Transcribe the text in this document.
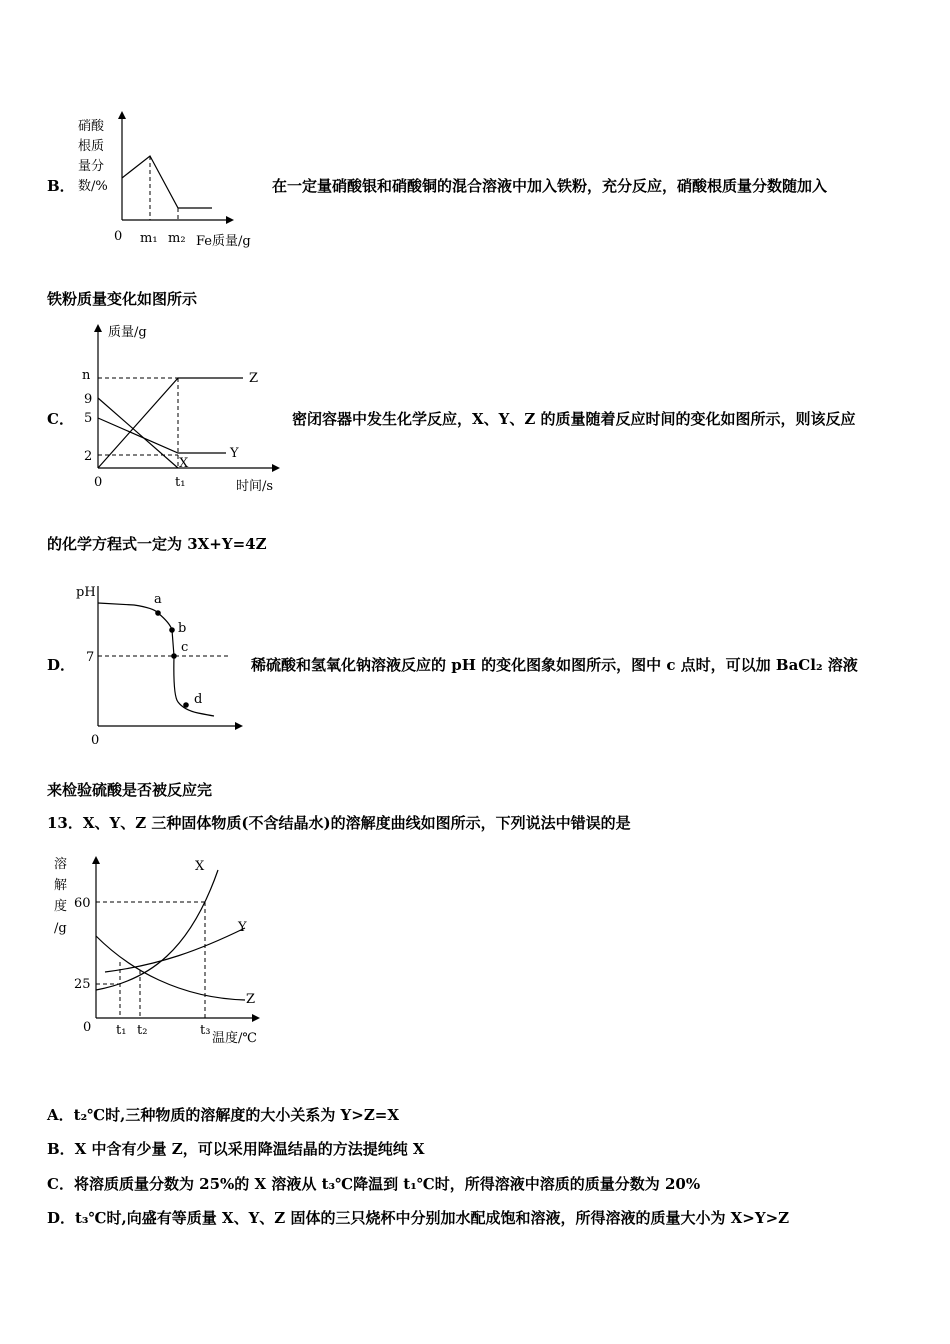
B．
硝酸
根质
量分
数/%
0 m₁ m₂ Fe质量/g
在一定量硝酸银和硝酸铜的混合溶液中加入铁粉，充分反应，硝酸根质量分数随加入
铁粉质量变化如图所示
C．
质量/g
n
9
5
2
Z
Y
X
0	t₁	时间/s
密闭容器中发生化学反应，X、Y、Z 的质量随着反应时间的变化如图所示，则该反应
的化学方程式一定为 3X+Y=4Z
D．
pH
7
0
a
b
c
d
稀硫酸和氢氧化钠溶液反应的 pH 的变化图象如图所示，图中 c 点时，可以加 BaCl₂ 溶液
来检验硫酸是否被反应完
13．X、Y、Z 三种固体物质(不含结晶水)的溶解度曲线如图所示，下列说法中错误的是
溶
解
度
/g
60
25
0
X
Y
Z
t₁ t₂	t₃
温度/℃
A．t₂℃时,三种物质的溶解度的大小关系为 Y>Z=X
B．X 中含有少量 Z，可以采用降温结晶的方法提纯纯 X
C．将溶质质量分数为 25%的 X 溶液从 t₃℃降温到 t₁℃时，所得溶液中溶质的质量分数为 20%
D．t₃℃时,向盛有等质量 X、Y、Z 固体的三只烧杯中分别加水配成饱和溶液，所得溶液的质量大小为 X>Y>Z
